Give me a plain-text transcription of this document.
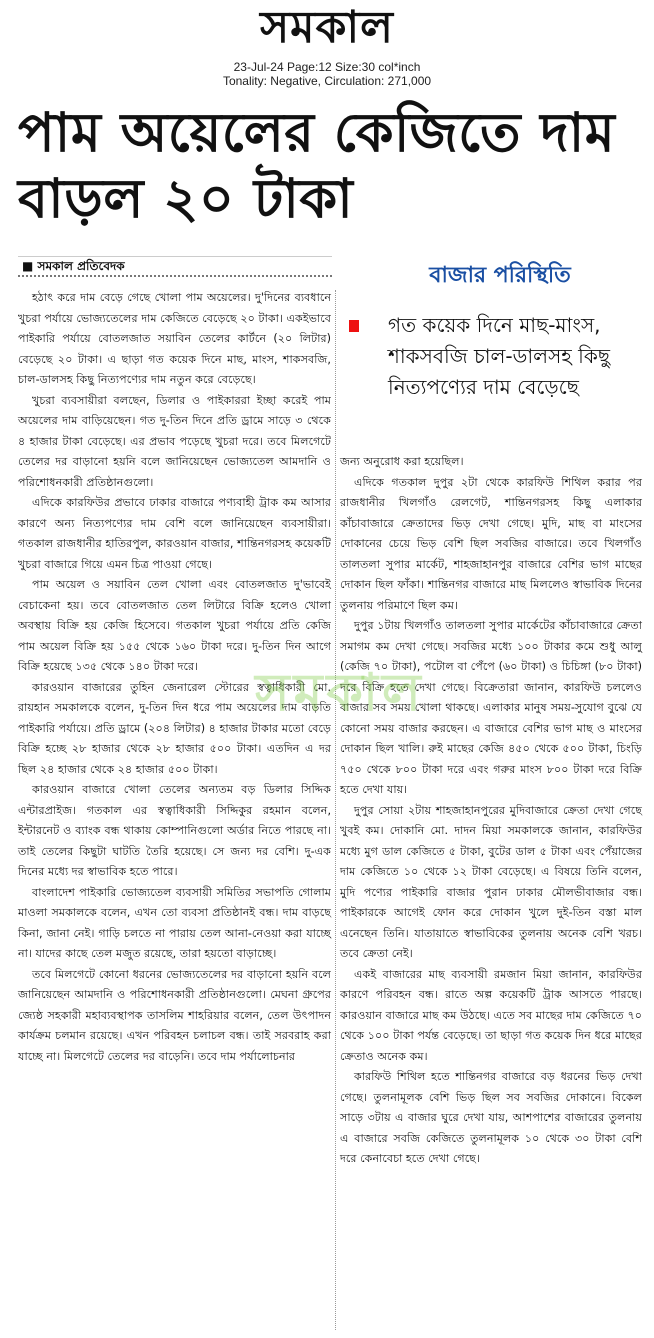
সমকাল
23-Jul-24 Page:12 Size:30 col*inch
Tonality: Negative, Circulation: 271,000
পাম অয়েলের কেজিতে দাম বাড়ল ২০ টাকা
■ সমকাল প্রতিবেদক	বাজার পরিস্থিতি
গত কয়েক দিনে মাছ-মাংস, শাকসবজি চাল-ডালসহ কিছু নিত্যপণ্যের দাম বেড়েছে

হঠাৎ করে দাম বেড়ে গেছে খোলা পাম অয়েলের। দু'দিনের ব্যবধানে খুচরা পর্যায়ে ভোজ্যতেলের দাম কেজিতে বেড়েছে ২০ টাকা। একইভাবে পাইকারি পর্যায়ে বোতলজাত সয়াবিন তেলের কার্টনে (২০ লিটার) বেড়েছে ২০ টাকা। এ ছাড়া গত কয়েক দিনে মাছ, মাংস, শাকসবজি, চাল-ডালসহ কিছু নিত্যপণ্যের দাম নতুন করে বেড়েছে।

খুচরা ব্যবসায়ীরা বলছেন, ডিলার ও পাইকাররা ইচ্ছা করেই পাম অয়েলের দাম বাড়িয়েছেন। গত দু-তিন দিনে প্রতি ড্রামে সাড়ে ৩ থেকে ৪ হাজার টাকা বেড়েছে। এর প্রভাব পড়েছে খুচরা দরে। তবে মিলগেটে তেলের দর বাড়ানো হয়নি বলে জানিয়েছেন ভোজ্যতেল আমদানি ও পরিশোধনকারী প্রতিষ্ঠানগুলো।

এদিকে কারফিউর প্রভাবে ঢাকার বাজারে পণ্যবাহী ট্রাক কম আসার কারণে অন্য নিত্যপণ্যের দাম বেশি বলে জানিয়েছেন ব্যবসায়ীরা। গতকাল রাজধানীর হাতিরপুল, কারওয়ান বাজার, শান্তিনগরসহ কয়েকটি খুচরা বাজারে গিয়ে এমন চিত্র পাওয়া গেছে।

পাম অয়েল ও সয়াবিন তেল খোলা এবং বোতলজাত দু'ভাবেই বেচাকেনা হয়। তবে বোতলজাত তেল লিটারে বিক্রি হলেও খোলা অবস্থায় বিক্রি হয় কেজি হিসেবে। গতকাল খুচরা পর্যায়ে প্রতি কেজি পাম অয়েল বিক্রি হয় ১৫৫ থেকে ১৬০ টাকা দরে। দু-তিন দিন আগে বিক্রি হয়েছে ১৩৫ থেকে ১৪০ টাকা দরে।

কারওয়ান বাজারের তুহিন জেনারেল স্টোরের স্বত্বাধিকারী মো. রায়হান সমকালকে বলেন, দু-তিন দিন ধরে পাম অয়েলের দাম বাড়তি পাইকারি পর্যায়ে। প্রতি ড্রামে (২০৪ লিটার) ৪ হাজার টাকার মতো বেড়ে বিক্রি হচ্ছে ২৮ হাজার থেকে ২৮ হাজার ৫০০ টাকা। এতদিন এ দর ছিল ২৪ হাজার থেকে ২৪ হাজার ৫০০ টাকা।

কারওয়ান বাজারে খোলা তেলের অন্যতম বড় ডিলার সিদ্দিক এন্টারপ্রাইজ। গতকাল এর স্বত্বাধিকারী সিদ্দিকুর রহমান বলেন, ইন্টারনেট ও ব্যাংক বন্ধ থাকায় কোম্পানিগুলো অর্ডার নিতে পারছে না। তাই তেলের কিছুটা ঘাটতি তৈরি হয়েছে। সে জন্য দর বেশি। দু-এক দিনের মধ্যে দর স্বাভাবিক হতে পারে।

বাংলাদেশ পাইকারি ভোজ্যতেল ব্যবসায়ী সমিতির সভাপতি গোলাম মাওলা সমকালকে বলেন, এখন তো ব্যবসা প্রতিষ্ঠানই বন্ধ। দাম বাড়ছে কিনা, জানা নেই। গাড়ি চলতে না পারায় তেল আনা-নেওয়া করা যাচ্ছে না। যাদের কাছে তেল মজুত রয়েছে, তারা হয়তো বাড়াচ্ছে।

তবে মিলগেটে কোনো ধরনের ভোজ্যতেলের দর বাড়ানো হয়নি বলে জানিয়েছেন আমদানি ও পরিশোধনকারী প্রতিষ্ঠানগুলো। মেঘনা গ্রুপের জ্যেষ্ঠ সহকারী মহাব্যবস্থাপক তাসলিম শাহরিয়ার বলেন, তেল উৎপাদন কার্যক্রম চলমান রয়েছে। এখন পরিবহন চলাচল বন্ধ। তাই সরবরাহ করা যাচ্ছে না। মিলগেটে তেলের দর বাড়েনি। তবে দাম পর্যালোচনার

জন্য অনুরোধ করা হয়েছিল।

এদিকে গতকাল দুপুর ২টা থেকে কারফিউ শিথিল করার পর রাজধানীর খিলগাঁও রেলগেট, শান্তিনগরসহ কিছু এলাকার কাঁচাবাজারে ক্রেতাদের ভিড় দেখা গেছে। মুদি, মাছ বা মাংসের দোকানের চেয়ে ভিড় বেশি ছিল সবজির বাজারে। তবে খিলগাঁও তালতলা সুপার মার্কেট, শাহজাহানপুর বাজারে বেশির ভাগ মাছের দোকান ছিল ফাঁকা। শান্তিনগর বাজারে মাছ মিললেও স্বাভাবিক দিনের তুলনায় পরিমাণে ছিল কম।

দুপুর ১টায় খিলগাঁও তালতলা সুপার মার্কেটের কাঁচাবাজারে ক্রেতা সমাগম কম দেখা গেছে। সবজির মধ্যে ১০০ টাকার কমে শুধু আলু (কেজি ৭০ টাকা), পটোল বা পেঁপে (৬০ টাকা) ও চিচিঙ্গা (৮০ টাকা) দরে বিক্রি হতে দেখা গেছে। বিক্রেতারা জানান, কারফিউ চললেও বাজার সব সময় খোলা থাকছে। এলাকার মানুষ সময়-সুযোগ বুঝে যে কোনো সময় বাজার করছেন। এ বাজারে বেশির ভাগ মাছ ও মাংসের দোকান ছিল খালি। রুই মাছের কেজি ৪৫০ থেকে ৫০০ টাকা, চিংড়ি ৭৫০ থেকে ৮০০ টাকা দরে এবং গরুর মাংস ৮০০ টাকা দরে বিক্রি হতে দেখা যায়।

দুপুর সোয়া ২টায় শাহজাহানপুরের মুদিবাজারে ক্রেতা দেখা গেছে খুবই কম। দোকানি মো. দাদন মিয়া সমকালকে জানান, কারফিউর মধ্যে মুগ ডাল কেজিতে ৫ টাকা, বুটের ডাল ৫ টাকা এবং পেঁয়াজের দাম কেজিতে ১০ থেকে ১২ টাকা বেড়েছে। এ বিষয়ে তিনি বলেন, মুদি পণ্যের পাইকারি বাজার পুরান ঢাকার মৌলভীবাজার বন্ধ। পাইকারকে আগেই ফোন করে দোকান খুলে দুই-তিন বস্তা মাল এনেছেন তিনি। যাতায়াতে স্বাভাবিকের তুলনায় অনেক বেশি খরচ। তবে ক্রেতা নেই।

একই বাজারের মাছ ব্যবসায়ী রমজান মিয়া জানান, কারফিউর কারণে পরিবহন বন্ধ। রাতে অল্প কয়েকটি ট্রাক আসতে পারছে। কারওয়ান বাজারে মাছ কম উঠছে। এতে সব মাছের দাম কেজিতে ৭০ থেকে ১০০ টাকা পর্যন্ত বেড়েছে। তা ছাড়া গত কয়েক দিন ধরে মাছের ক্রেতাও অনেক কম।

কারফিউ শিথিল হতে শান্তিনগর বাজারে বড় ধরনের ভিড় দেখা গেছে। তুলনামূলক বেশি ভিড় ছিল সব সবজির দোকানে। বিকেল সাড়ে ৩টায় এ বাজার ঘুরে দেখা যায়, আশপাশের বাজারের তুলনায় এ বাজারে সবজি কেজিতে তুলনামূলক ১০ থেকে ৩০ টাকা বেশি দরে কেনাবেচা হতে দেখা গেছে।

সমকাল
